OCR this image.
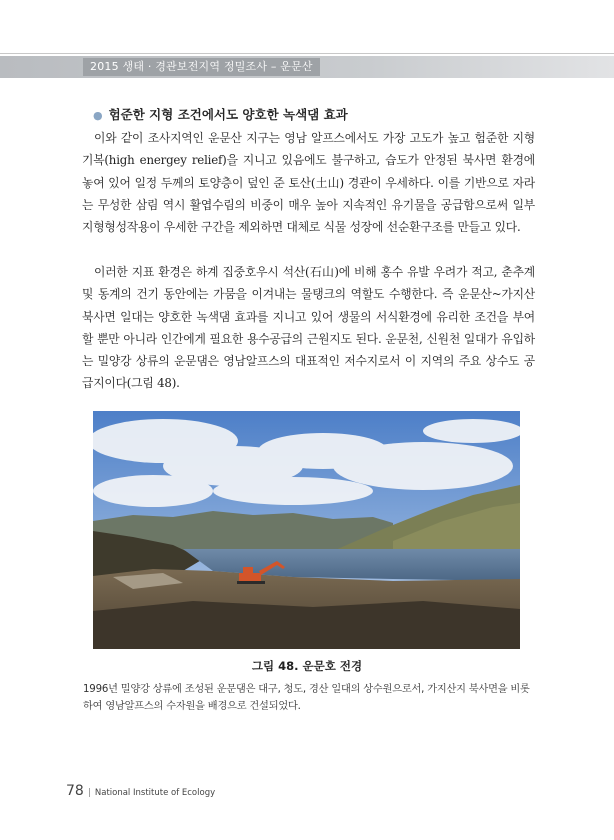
2015 생태 · 경관보전지역 정밀조사 – 운문산
● 험준한 지형 조건에서도 양호한 녹색댐 효과

이와 같이 조사지역인 운문산 지구는 영남 알프스에서도 가장 고도가 높고 험준한 지형 기복(high energey relief)을 지니고 있음에도 불구하고, 습도가 안정된 북사면 환경에 놓여 있어 일정 두께의 토양층이 덮인 준 토산(土山) 경관이 우세하다. 이를 기반으로 자라는 무성한 삼림 역시 활엽수림의 비중이 매우 높아 지속적인 유기물을 공급함으로써 일부 지형형성작용이 우세한 구간을 제외하면 대체로 식물 성장에 선순환구조를 만들고 있다.

이러한 지표 환경은 하계 집중호우시 석산(石山)에 비해 홍수 유발 우려가 적고, 춘추계 및 동계의 건기 동안에는 가뭄을 이겨내는 물탱크의 역할도 수행한다. 즉 운문산~가지산 북사면 일대는 양호한 녹색댐 효과를 지니고 있어 생물의 서식환경에 유리한 조건을 부여할 뿐만 아니라 인간에게 필요한 용수공급의 근원지도 된다. 운문천, 신원천 일대가 유입하는 밀양강 상류의 운문댐은 영남알프스의 대표적인 저수지로서 이 지역의 주요 상수도 공급지이다(그림 48).

그림 48. 운문호 전경

1996년 밀양강 상류에 조성된 운문댐은 대구, 청도, 경산 일대의 상수원으로서, 가지산지 북사면을 비롯하여 영남알프스의 수자원을 배경으로 건설되었다.

78 | National Institute of Ecology
